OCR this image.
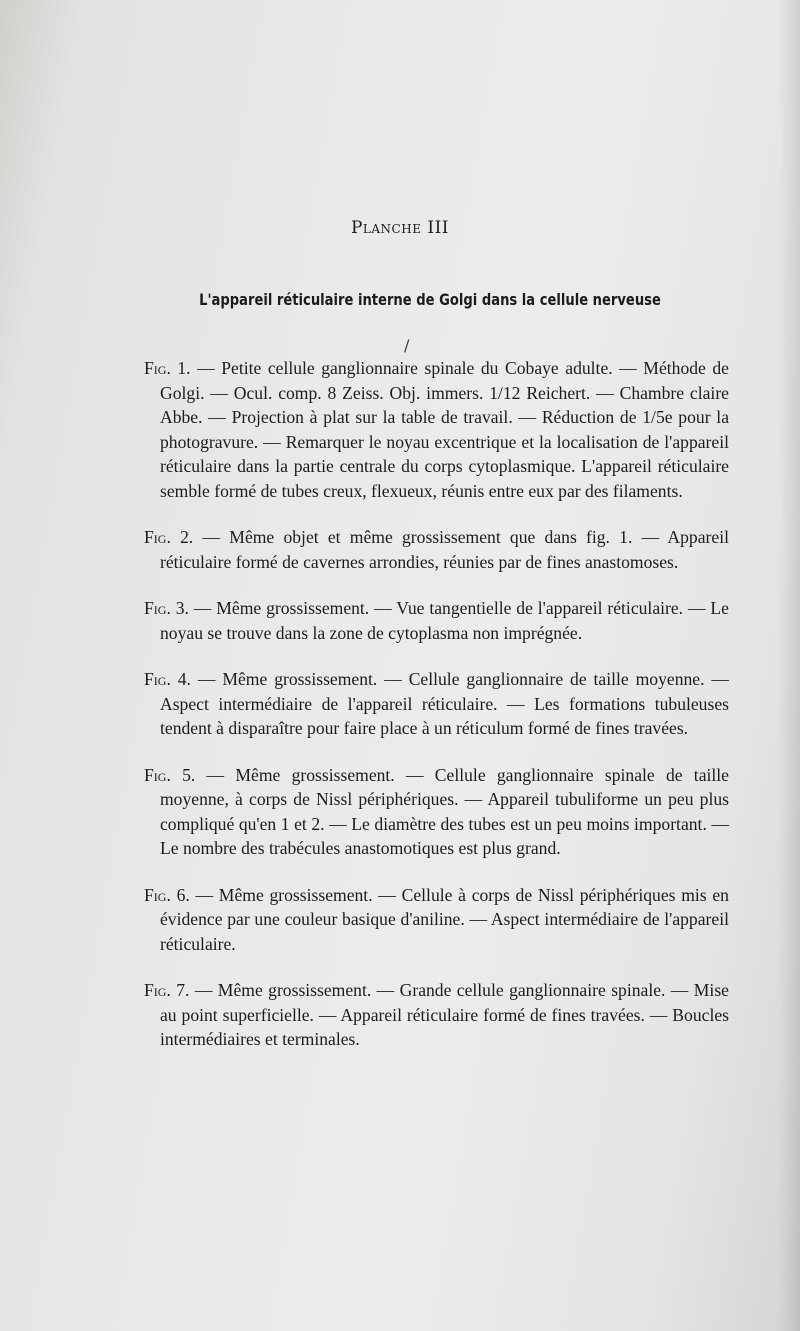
Planche III
L'appareil réticulaire interne de Golgi dans la cellule nerveuse
/

Fig. 1. — Petite cellule ganglionnaire spinale du Cobaye adulte. — Méthode de Golgi. — Ocul. comp. 8 Zeiss. Obj. immers. 1/12 Reichert. — Chambre claire Abbe. — Projection à plat sur la table de travail. — Réduction de 1/5e pour la photogravure. — Remarquer le noyau excentrique et la localisation de l'appareil réticulaire dans la partie centrale du corps cytoplasmique. L'appareil réticulaire semble formé de tubes creux, flexueux, réunis entre eux par des filaments.

Fig. 2. — Même objet et même grossissement que dans fig. 1. — Appareil réticulaire formé de cavernes arrondies, réunies par de fines anastomoses.

Fig. 3. — Même grossissement. — Vue tangentielle de l'appareil réticulaire. — Le noyau se trouve dans la zone de cytoplasma non imprégnée.

Fig. 4. — Même grossissement. — Cellule ganglionnaire de taille moyenne. — Aspect intermédiaire de l'appareil réticulaire. — Les formations tubuleuses tendent à disparaître pour faire place à un réticulum formé de fines travées.

Fig. 5. — Même grossissement. — Cellule ganglionnaire spinale de taille moyenne, à corps de Nissl périphériques. — Appareil tubuliforme un peu plus compliqué qu'en 1 et 2. — Le diamètre des tubes est un peu moins important. — Le nombre des trabécules anastomotiques est plus grand.

Fig. 6. — Même grossissement. — Cellule à corps de Nissl périphériques mis en évidence par une couleur basique d'aniline. — Aspect intermédiaire de l'appareil réticulaire.

Fig. 7. — Même grossissement. — Grande cellule ganglionnaire spinale. — Mise au point superficielle. — Appareil réticulaire formé de fines travées. — Boucles intermédiaires et terminales.
